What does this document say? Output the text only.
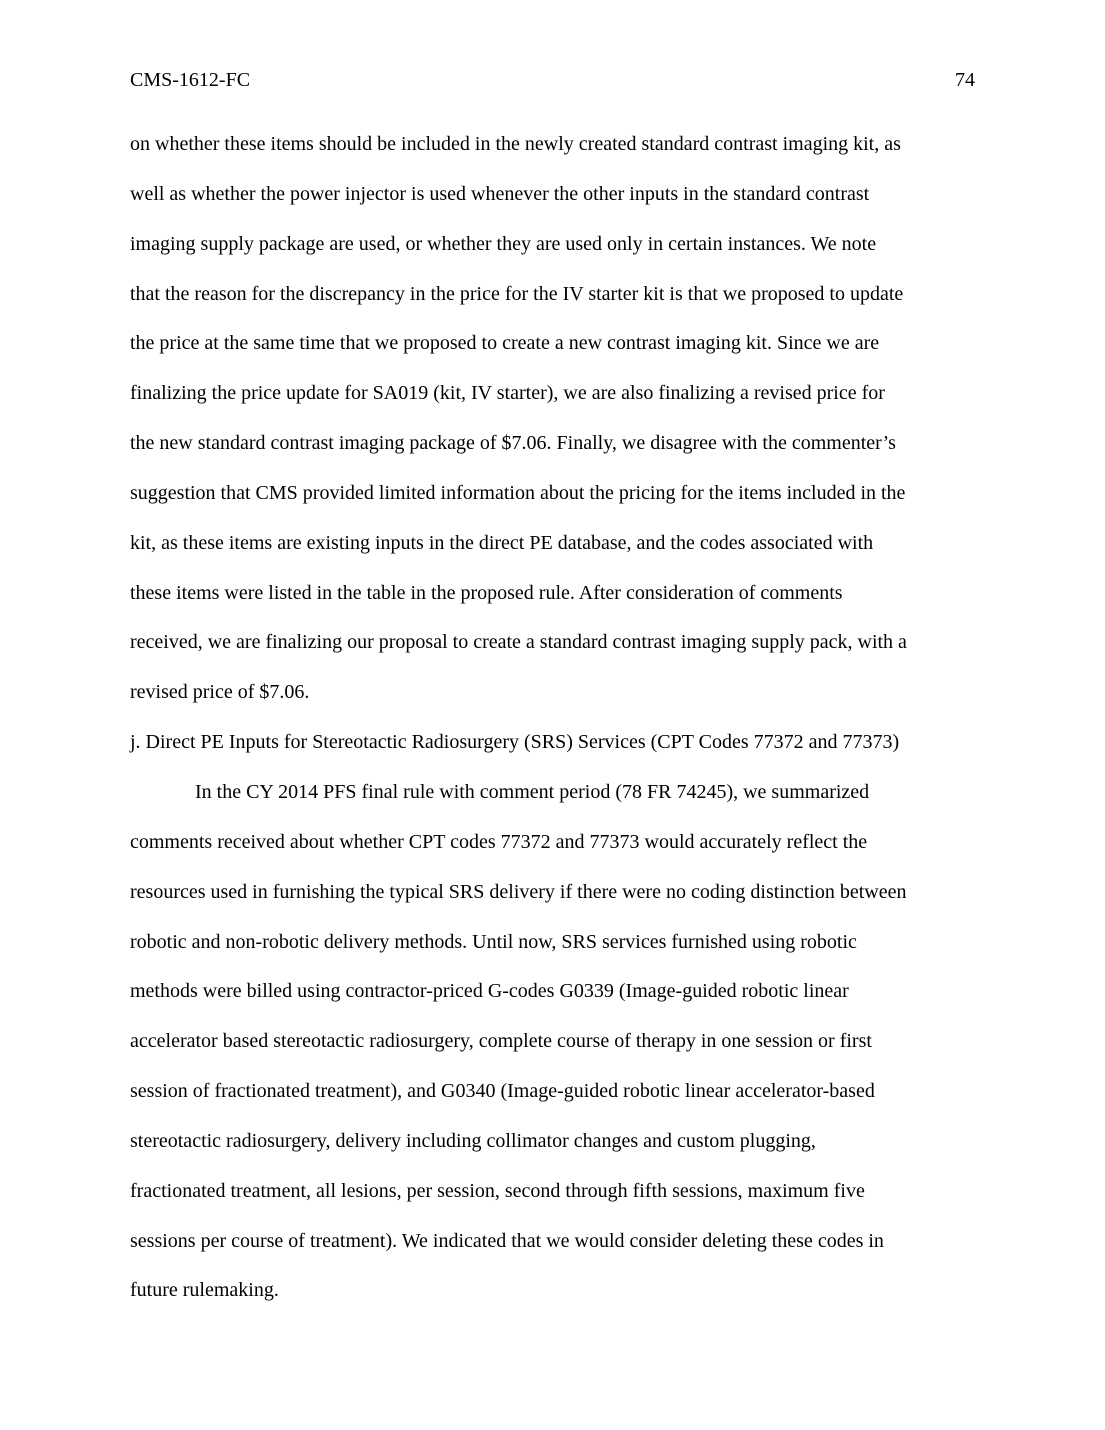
CMS-1612-FC	74
on whether these items should be included in the newly created standard contrast imaging kit, as
well as whether the power injector is used whenever the other inputs in the standard contrast
imaging supply package are used, or whether they are used only in certain instances. We note
that the reason for the discrepancy in the price for the IV starter kit is that we proposed to update
the price at the same time that we proposed to create a new contrast imaging kit. Since we are
finalizing the price update for SA019 (kit, IV starter), we are also finalizing a revised price for
the new standard contrast imaging package of $7.06. Finally, we disagree with the commenter’s
suggestion that CMS provided limited information about the pricing for the items included in the
kit, as these items are existing inputs in the direct PE database, and the codes associated with
these items were listed in the table in the proposed rule. After consideration of comments
received, we are finalizing our proposal to create a standard contrast imaging supply pack, with a
revised price of $7.06.
j. Direct PE Inputs for Stereotactic Radiosurgery (SRS) Services (CPT Codes 77372 and 77373)
In the CY 2014 PFS final rule with comment period (78 FR 74245), we summarized
comments received about whether CPT codes 77372 and 77373 would accurately reflect the
resources used in furnishing the typical SRS delivery if there were no coding distinction between
robotic and non-robotic delivery methods. Until now, SRS services furnished using robotic
methods were billed using contractor-priced G-codes G0339 (Image-guided robotic linear
accelerator based stereotactic radiosurgery, complete course of therapy in one session or first
session of fractionated treatment), and G0340 (Image-guided robotic linear accelerator-based
stereotactic radiosurgery, delivery including collimator changes and custom plugging,
fractionated treatment, all lesions, per session, second through fifth sessions, maximum five
sessions per course of treatment). We indicated that we would consider deleting these codes in
future rulemaking.
